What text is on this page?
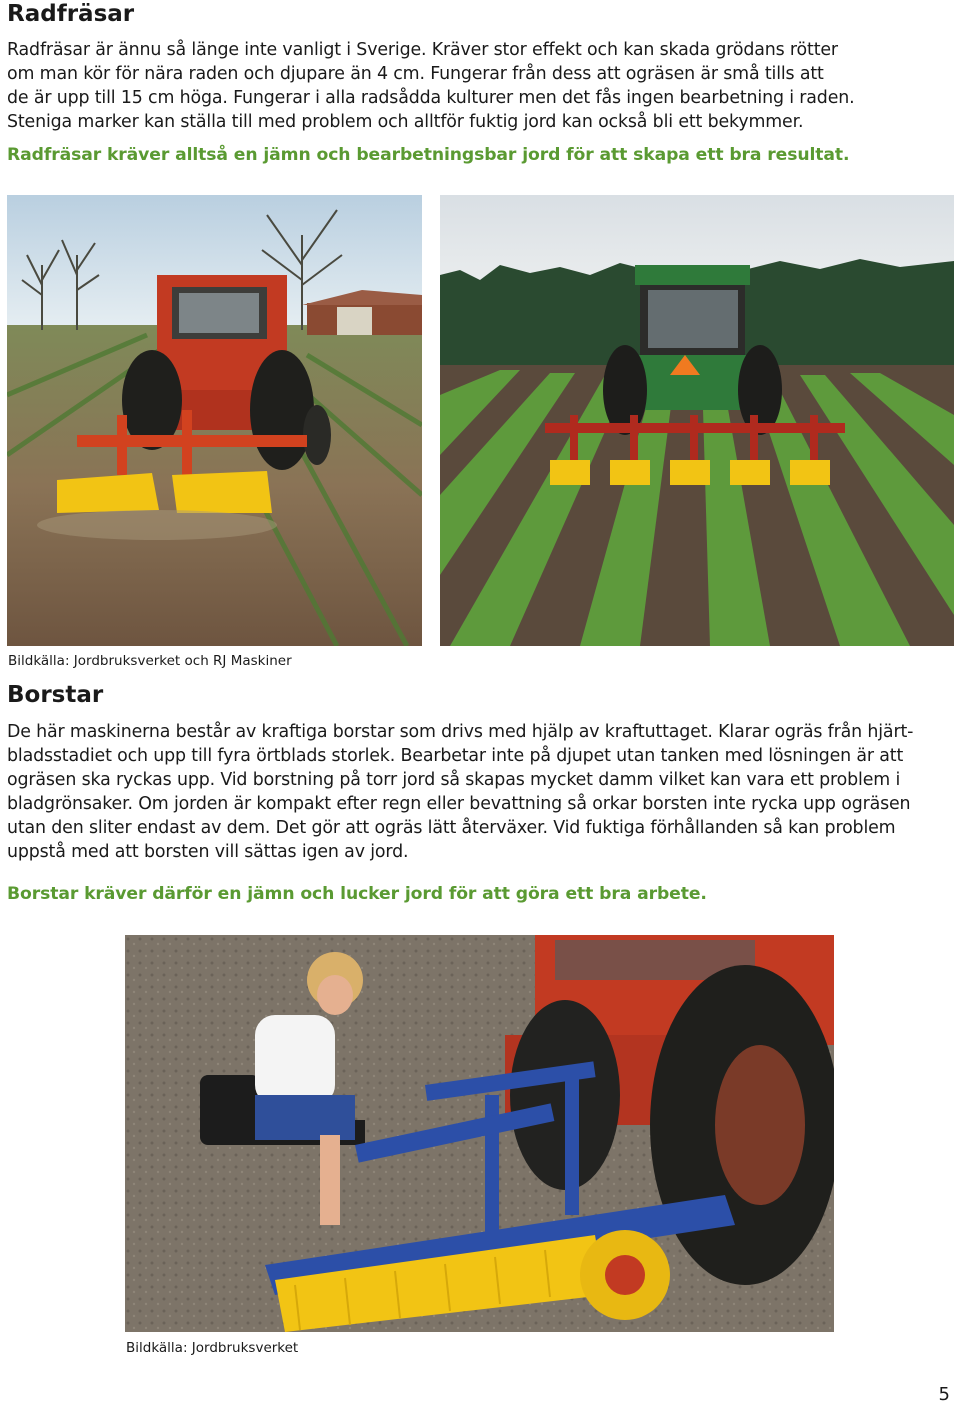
Radfräsar

Radfräsar är ännu så länge inte vanligt i Sverige. Kräver stor effekt och kan skada grödans rötter
om man kör för nära raden och djupare än 4 cm. Fungerar från dess att ogräsen är små tills att
de är upp till 15 cm höga. Fungerar i alla radsådda kulturer men det fås ingen bearbetning i raden.
Steniga marker kan ställa till med problem och alltför fuktig jord kan också bli ett bekymmer.

Radfräsar kräver alltså en jämn och bearbetningsbar jord för att skapa ett bra resultat.

Bildkälla: Jordbruksverket och RJ Maskiner
Borstar

De här maskinerna består av kraftiga borstar som drivs med hjälp av kraftuttaget. Klarar ogräs från hjärt-
bladsstadiet och upp till fyra örtblads storlek. Bearbetar inte på djupet utan tanken med lösningen är att
ogräsen ska ryckas upp. Vid borstning på torr jord så skapas mycket damm vilket kan vara ett problem i
bladgrönsaker. Om jorden är kompakt efter regn eller bevattning så orkar borsten inte rycka upp ogräsen
utan den sliter endast av dem. Det gör att ogräs lätt återväxer. Vid fuktiga förhållanden så kan problem
uppstå med att borsten vill sättas igen av jord.

Borstar kräver därför en jämn och lucker jord för att göra ett bra arbete.

Bildkälla: Jordbruksverket
5
